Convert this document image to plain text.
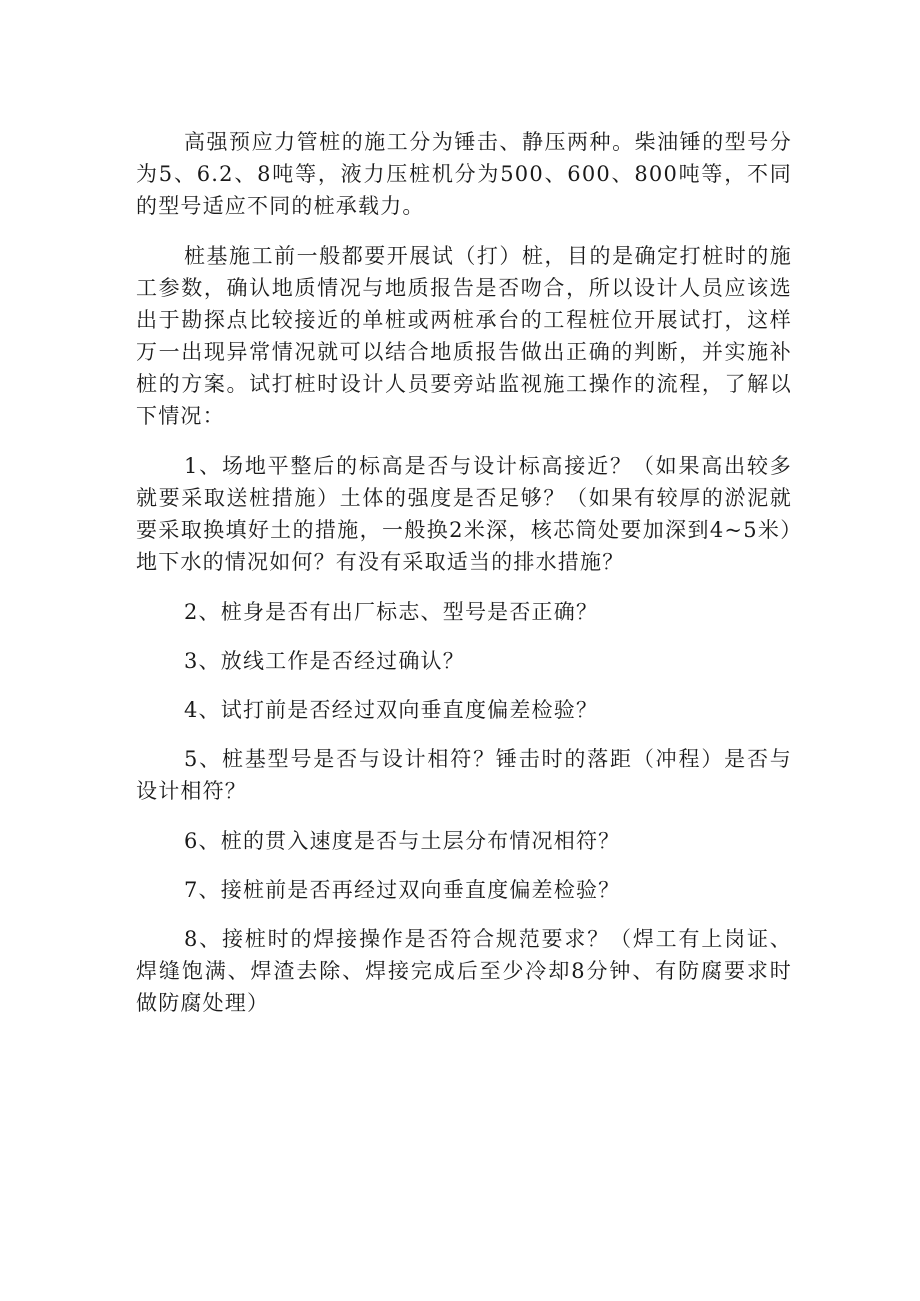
高强预应力管桩的施工分为锤击、静压两种。柴油锤的型号分为5、6.2、8吨等，液力压桩机分为500、600、800吨等，不同的型号适应不同的桩承载力。

桩基施工前一般都要开展试（打）桩，目的是确定打桩时的施工参数，确认地质情况与地质报告是否吻合，所以设计人员应该选出于勘探点比较接近的单桩或两桩承台的工程桩位开展试打，这样万一出现异常情况就可以结合地质报告做出正确的判断，并实施补桩的方案。试打桩时设计人员要旁站监视施工操作的流程，了解以下情况：

1、场地平整后的标高是否与设计标高接近？（如果高出较多就要采取送桩措施）土体的强度是否足够？（如果有较厚的淤泥就要采取换填好土的措施，一般换2米深，核芯筒处要加深到4~5米）地下水的情况如何？有没有采取适当的排水措施？

2、桩身是否有出厂标志、型号是否正确？

3、放线工作是否经过确认？

4、试打前是否经过双向垂直度偏差检验？

5、桩基型号是否与设计相符？锤击时的落距（冲程）是否与设计相符？

6、桩的贯入速度是否与土层分布情况相符？

7、接桩前是否再经过双向垂直度偏差检验？

8、接桩时的焊接操作是否符合规范要求？（焊工有上岗证、焊缝饱满、焊渣去除、焊接完成后至少冷却8分钟、有防腐要求时做防腐处理）
